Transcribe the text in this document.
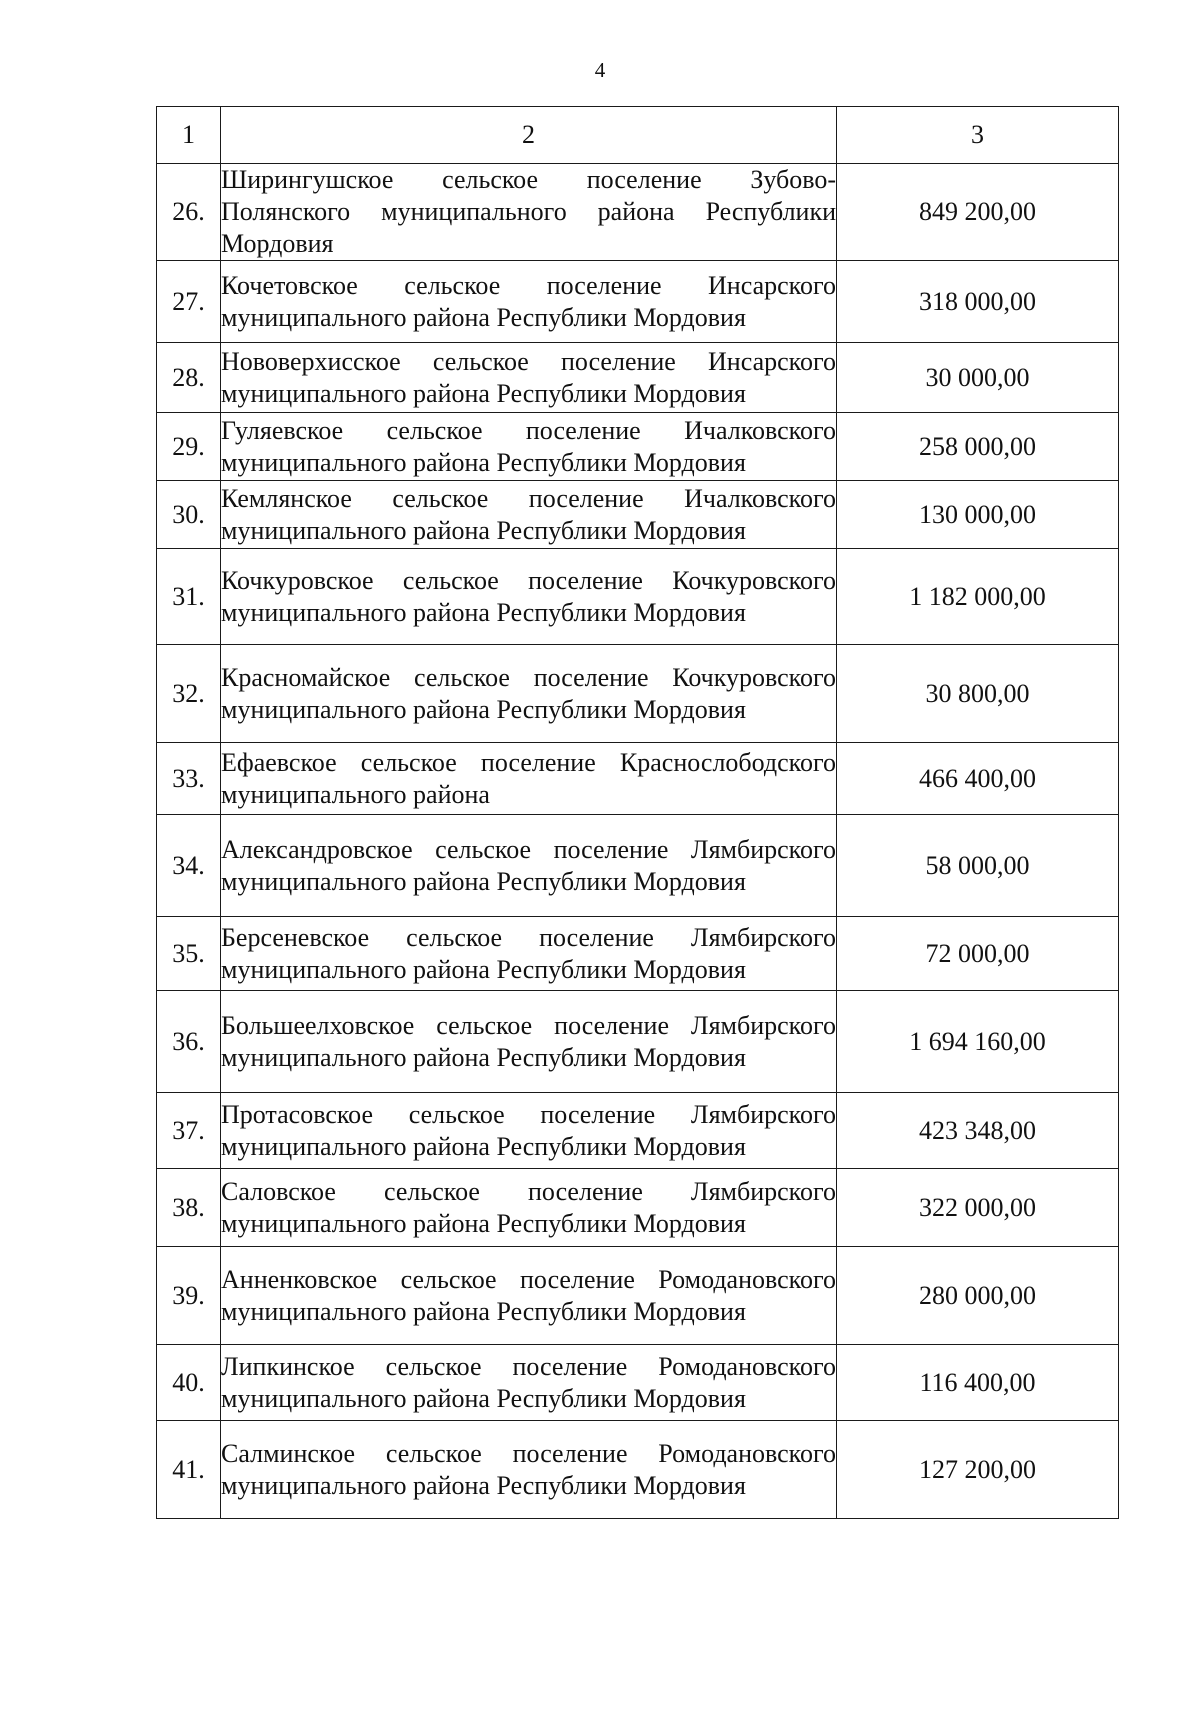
4
1	2	3
26.	Ширингушское сельское поселение Зубово-Полянского муниципального района Республики Мордовия	849 200,00
27.	Кочетовское сельское поселение Инсарского муниципального района Республики Мордовия	318 000,00
28.	Нововерхисское сельское поселение Инсарского муниципального района Республики Мордовия	30 000,00
29.	Гуляевское сельское поселение Ичалковского муниципального района Республики Мордовия	258 000,00
30.	Кемлянское сельское поселение Ичалковского муниципального района Республики Мордовия	130 000,00
31.	Кочкуровское сельское поселение Кочкуровского муниципального района Республики Мордовия	1 182 000,00
32.	Красномайское сельское поселение Кочкуровского муниципального района Республики Мордовия	30 800,00
33.	Ефаевское сельское поселение Краснослободского муниципального района	466 400,00
34.	Александровское сельское поселение Лямбирского муниципального района Республики Мордовия	58 000,00
35.	Берсеневское сельское поселение Лямбирского муниципального района Республики Мордовия	72 000,00
36.	Большеелховское сельское поселение Лямбирского муниципального района Республики Мордовия	1 694 160,00
37.	Протасовское сельское поселение Лямбирского муниципального района Республики Мордовия	423 348,00
38.	Саловское сельское поселение Лямбирского муниципального района Республики Мордовия	322 000,00
39.	Анненковское сельское поселение Ромодановского муниципального района Республики Мордовия	280 000,00
40.	Липкинское сельское поселение Ромодановского муниципального района Республики Мордовия	116 400,00
41.	Салминское сельское поселение Ромодановского муниципального района Республики Мордовия	127 200,00
